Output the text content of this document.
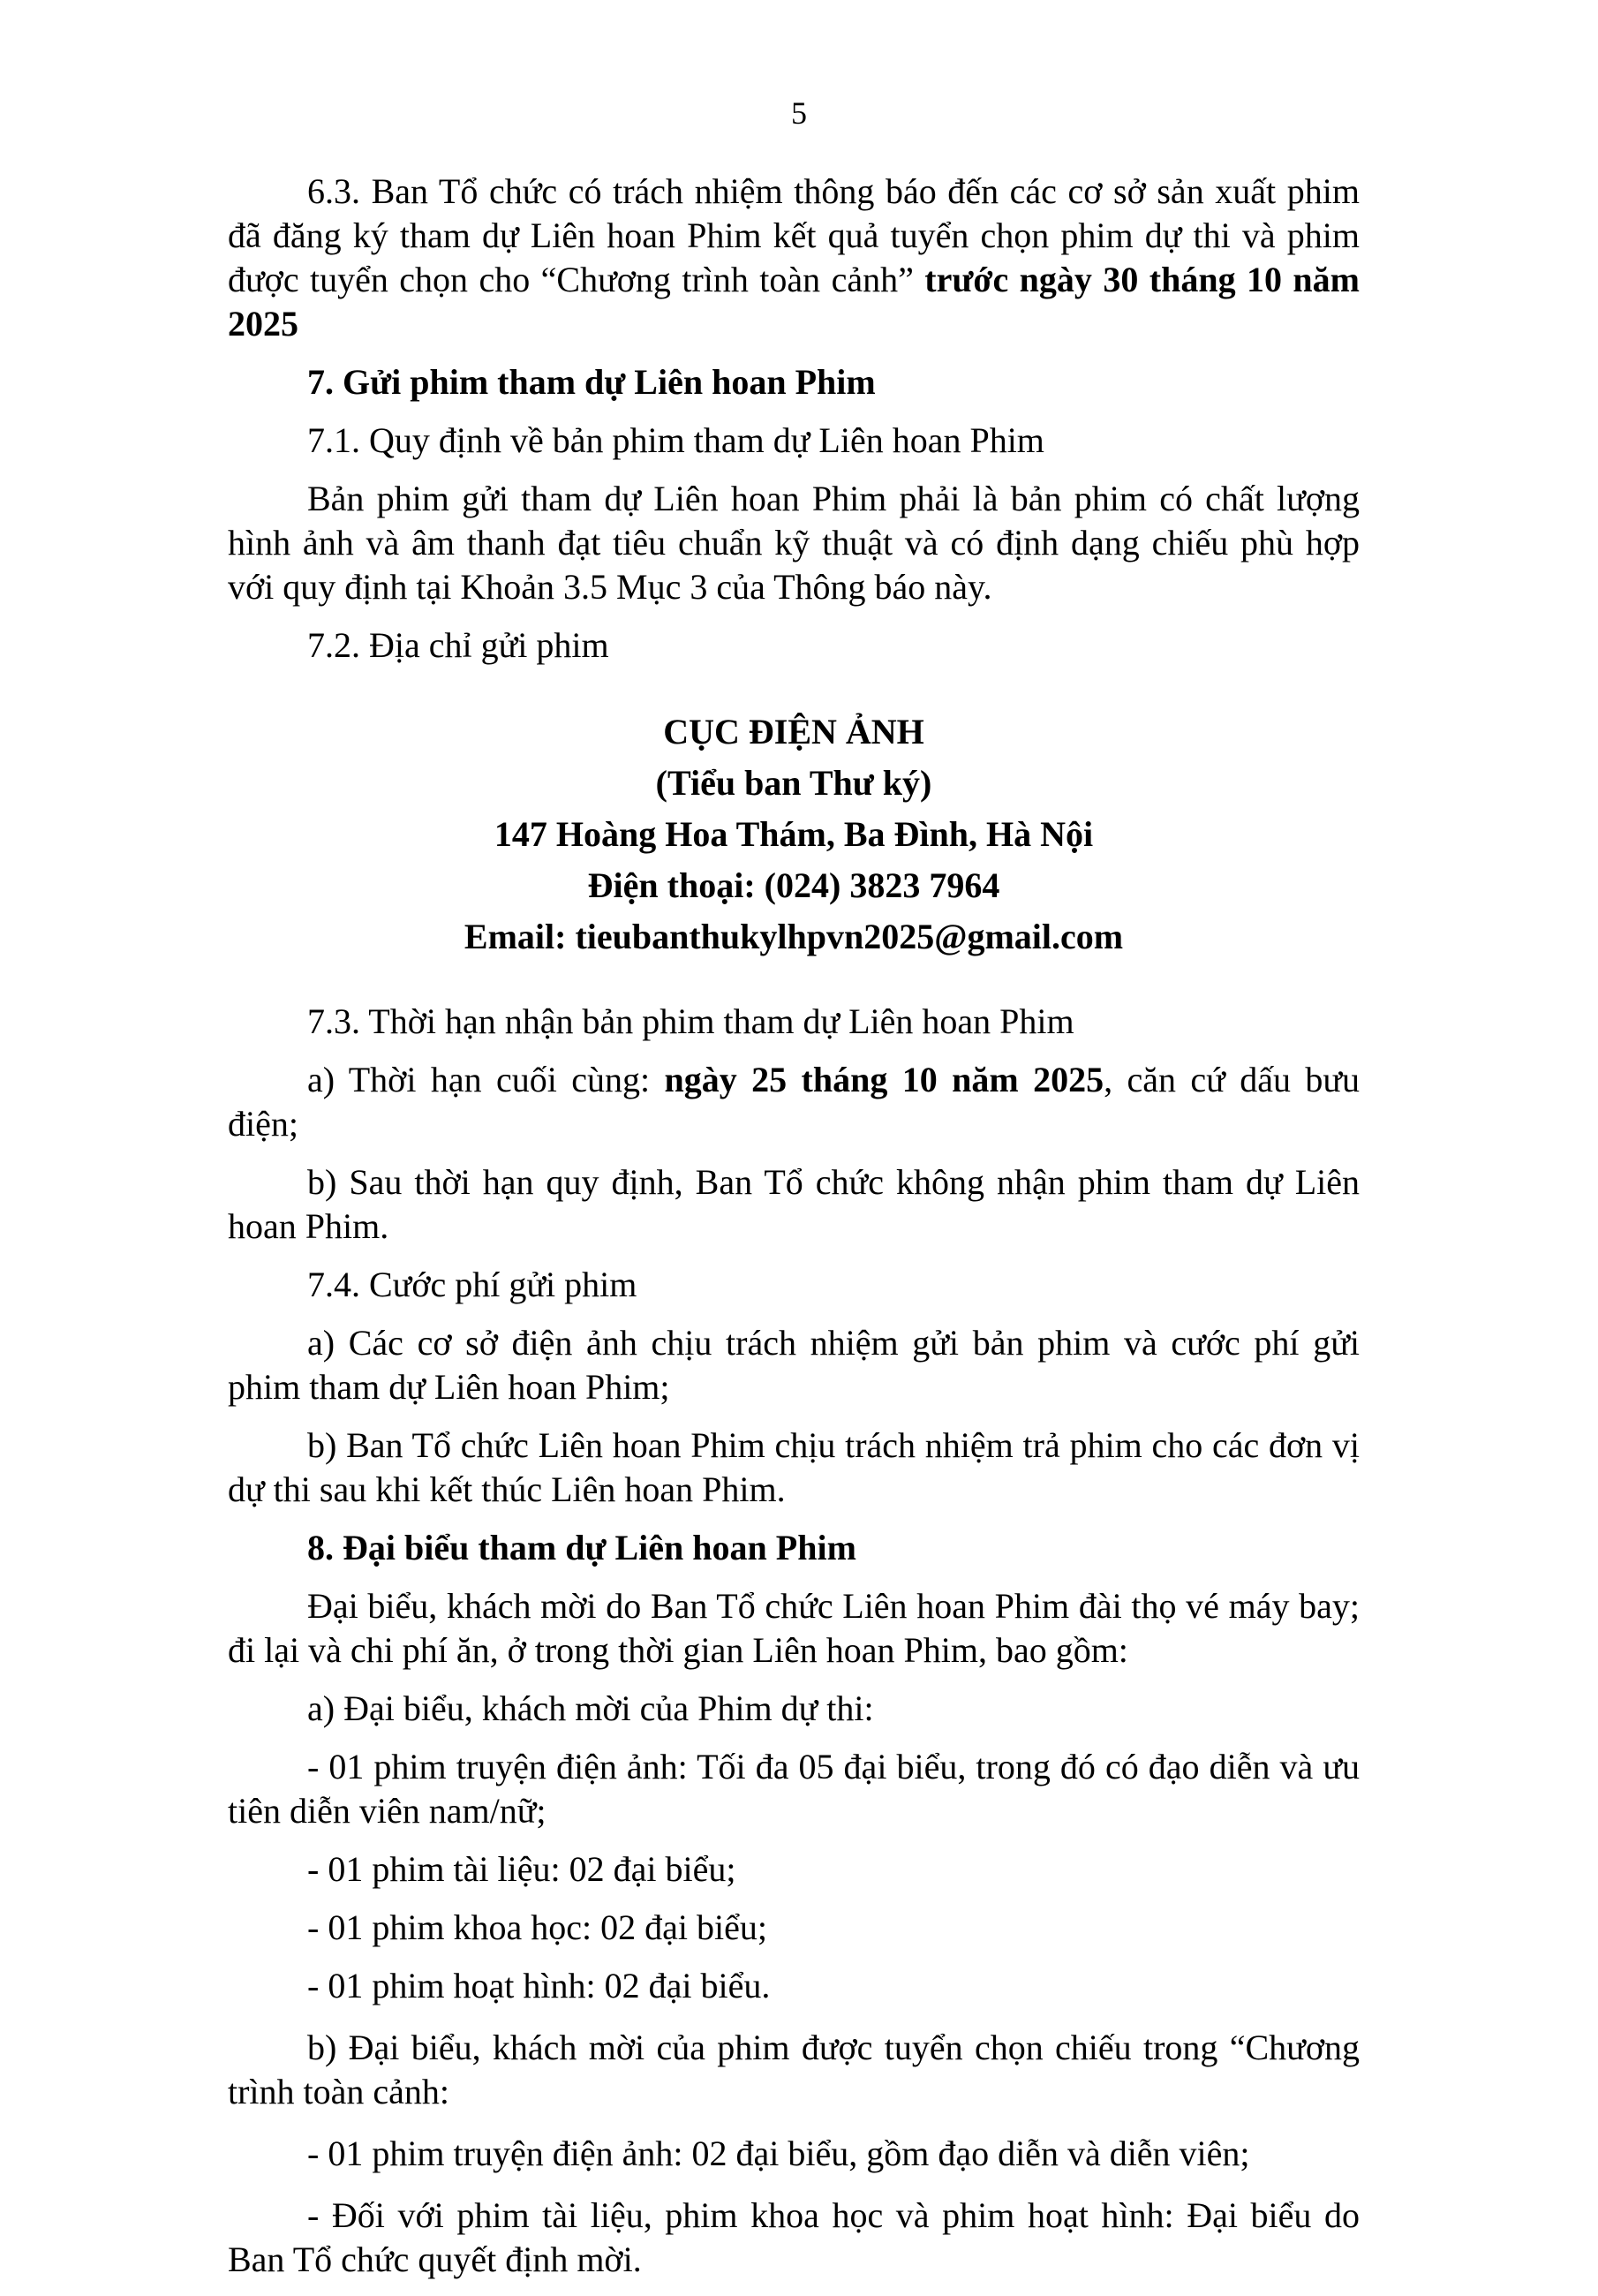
5

6.3. Ban Tổ chức có trách nhiệm thông báo đến các cơ sở sản xuất phim đã đăng ký tham dự Liên hoan Phim kết quả tuyển chọn phim dự thi và phim được tuyển chọn cho “Chương trình toàn cảnh” trước ngày 30 tháng 10 năm 2025

7. Gửi phim tham dự Liên hoan Phim

7.1. Quy định về bản phim tham dự Liên hoan Phim

Bản phim gửi tham dự Liên hoan Phim phải là bản phim có chất lượng hình ảnh và âm thanh đạt tiêu chuẩn kỹ thuật và có định dạng chiếu phù hợp với quy định tại Khoản 3.5 Mục 3 của Thông báo này.

7.2. Địa chỉ gửi phim

CỤC ĐIỆN ẢNH
(Tiểu ban Thư ký)
147 Hoàng Hoa Thám, Ba Đình, Hà Nội
Điện thoại: (024) 3823 7964
Email: tieubanthukylhpvn2025@gmail.com

7.3. Thời hạn nhận bản phim tham dự Liên hoan Phim

a) Thời hạn cuối cùng: ngày 25 tháng 10 năm 2025, căn cứ dấu bưu điện;

b) Sau thời hạn quy định, Ban Tổ chức không nhận phim tham dự Liên hoan Phim.

7.4. Cước phí gửi phim

a) Các cơ sở điện ảnh chịu trách nhiệm gửi bản phim và cước phí gửi phim tham dự Liên hoan Phim;

b) Ban Tổ chức Liên hoan Phim chịu trách nhiệm trả phim cho các đơn vị dự thi sau khi kết thúc Liên hoan Phim.

8. Đại biểu tham dự Liên hoan Phim

Đại biểu, khách mời do Ban Tổ chức Liên hoan Phim đài thọ vé máy bay; đi lại và chi phí ăn, ở trong thời gian Liên hoan Phim, bao gồm:

a) Đại biểu, khách mời của Phim dự thi:

- 01 phim truyện điện ảnh: Tối đa 05 đại biểu, trong đó có đạo diễn và ưu tiên diễn viên nam/nữ;

- 01 phim tài liệu: 02 đại biểu;

- 01 phim khoa học: 02 đại biểu;

- 01 phim hoạt hình: 02 đại biểu.

b) Đại biểu, khách mời của phim được tuyển chọn chiếu trong “Chương trình toàn cảnh:

- 01 phim truyện điện ảnh: 02 đại biểu, gồm đạo diễn và diễn viên;

- Đối với phim tài liệu, phim khoa học và phim hoạt hình: Đại biểu do Ban Tổ chức quyết định mời.
